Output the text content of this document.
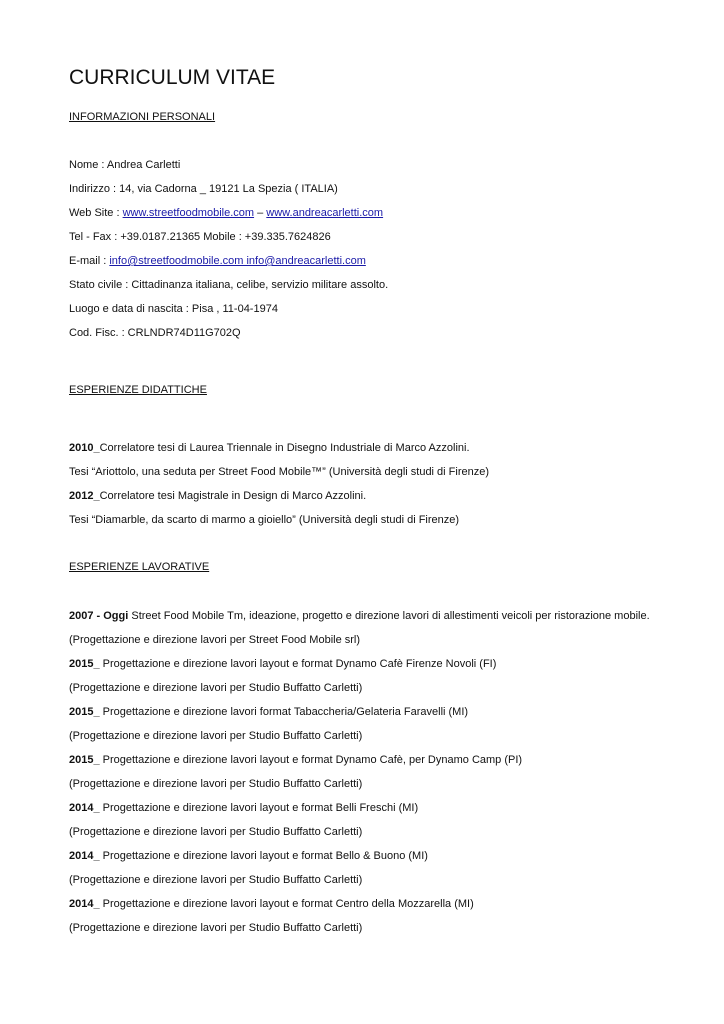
CURRICULUM VITAE
INFORMAZIONI PERSONALI
Nome : Andrea Carletti
Indirizzo : 14, via Cadorna _ 19121 La Spezia ( ITALIA)
Web Site : www.streetfoodmobile.com – www.andreacarletti.com
Tel - Fax : +39.0187.21365 Mobile : +39.335.7624826
E-mail : info@streetfoodmobile.com info@andreacarletti.com
Stato civile : Cittadinanza italiana, celibe, servizio militare assolto.
Luogo e data di nascita : Pisa , 11-04-1974
Cod. Fisc. : CRLNDR74D11G702Q
ESPERIENZE DIDATTICHE
2010_Correlatore tesi di Laurea Triennale in Disegno Industriale di Marco Azzolini.
Tesi “Ariottolo, una seduta per Street Food Mobile™” (Università degli studi di Firenze)
2012_Correlatore tesi Magistrale in Design di Marco Azzolini.
Tesi “Diamarble, da scarto di marmo a gioiello” (Università degli studi di Firenze)
ESPERIENZE LAVORATIVE
2007 - Oggi Street Food Mobile Tm, ideazione, progetto e direzione lavori di allestimenti veicoli per ristorazione mobile.
(Progettazione e direzione lavori per Street Food Mobile srl)
2015_ Progettazione e direzione lavori layout e format Dynamo Cafè Firenze Novoli (FI)
(Progettazione e direzione lavori per Studio Buffatto Carletti)
2015_ Progettazione e direzione lavori format Tabaccheria/Gelateria Faravelli (MI)
(Progettazione e direzione lavori per Studio Buffatto Carletti)
2015_ Progettazione e direzione lavori layout e format Dynamo Cafè, per Dynamo Camp (PI)
(Progettazione e direzione lavori per Studio Buffatto Carletti)
2014_ Progettazione e direzione lavori layout e format Belli Freschi (MI)
(Progettazione e direzione lavori per Studio Buffatto Carletti)
2014_ Progettazione e direzione lavori layout e format Bello & Buono (MI)
(Progettazione e direzione lavori per Studio Buffatto Carletti)
2014_ Progettazione e direzione lavori layout e format Centro della Mozzarella (MI)
(Progettazione e direzione lavori per Studio Buffatto Carletti)
